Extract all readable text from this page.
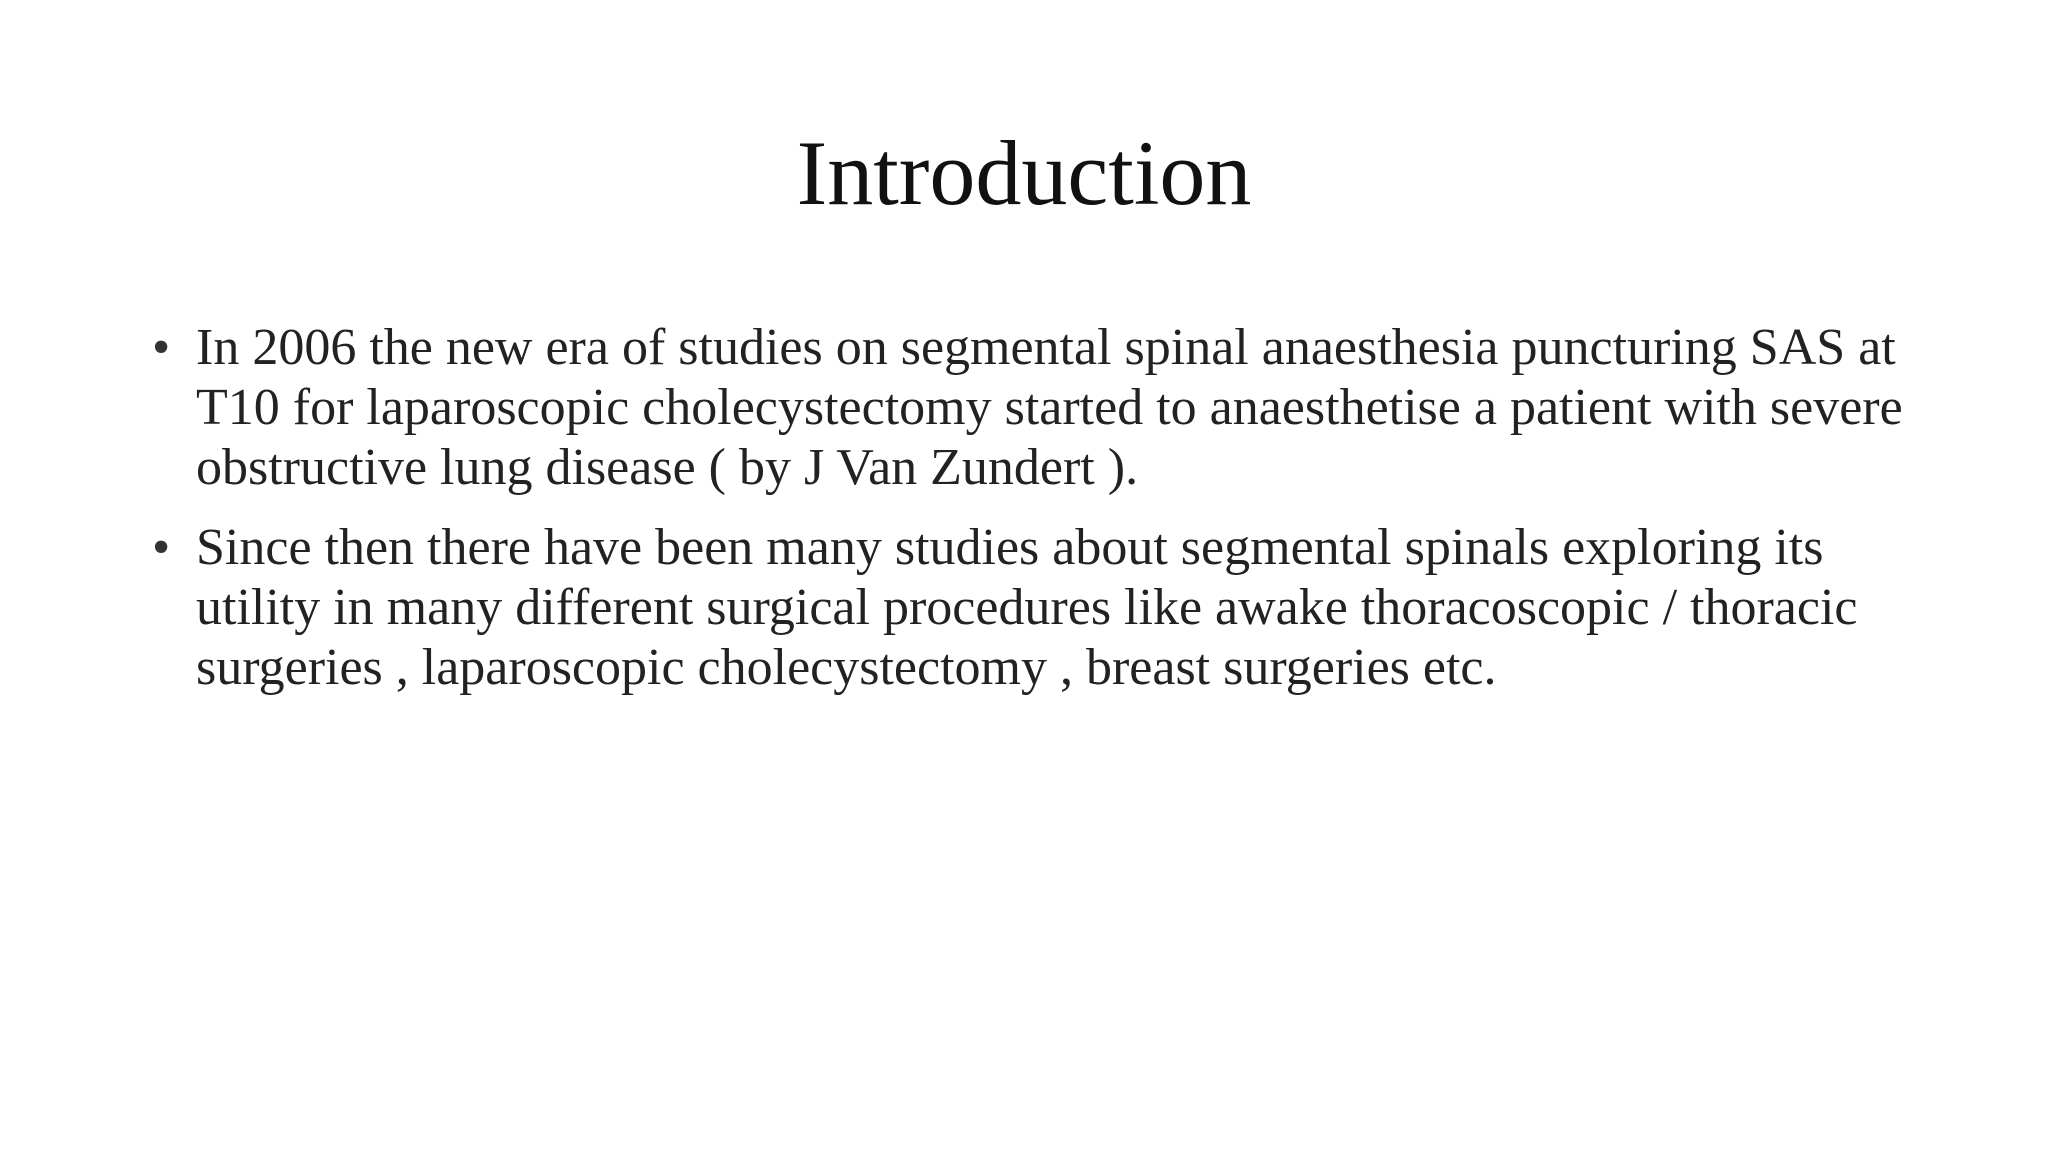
Introduction
• In 2006 the new era of studies on segmental spinal anaesthesia puncturing SAS at T10 for laparoscopic cholecystectomy started to anaesthetise a patient with severe obstructive lung disease ( by J Van Zundert ).
• Since then there have been many studies about segmental spinals exploring its utility in many different surgical procedures like awake thoracoscopic / thoracic surgeries , laparoscopic cholecystectomy , breast surgeries etc.
